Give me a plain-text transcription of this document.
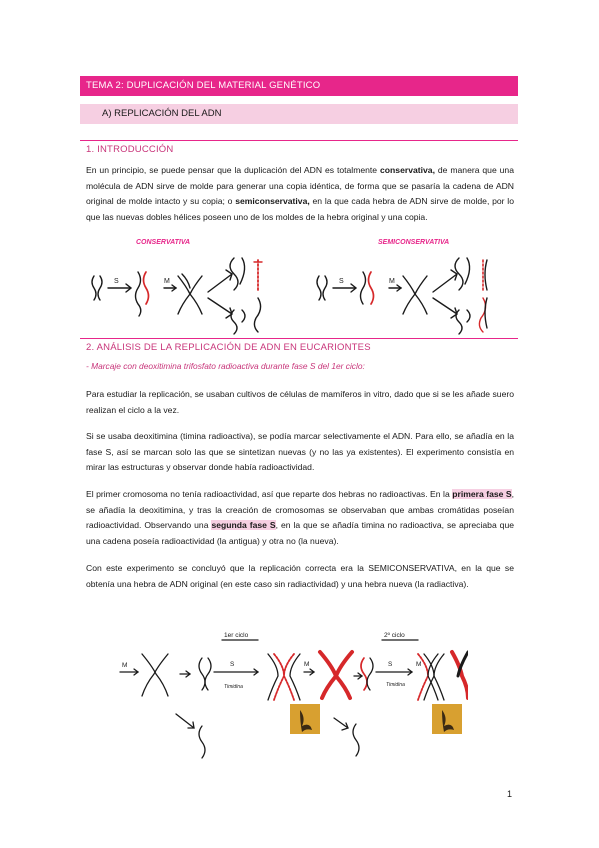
TEMA 2: DUPLICACIÓN DEL MATERIAL GENÉTICO
A) REPLICACIÓN DEL ADN
1. INTRODUCCIÓN

En un principio, se puede pensar que la duplicación del ADN es totalmente conservativa, de manera que una molécula de ADN sirve de molde para generar una copia idéntica, de forma que se pasaría la cadena de ADN original de molde intacto y su copia; o semiconservativa, en la que cada hebra de ADN sirve de molde, por lo que las nuevas dobles hélices poseen uno de los moldes de la hebra original y una copia.

CONSERVATIVA	SEMICONSERVATIVA
S	M	S	M
2. ANÁLISIS DE LA REPLICACIÓN DE ADN EN EUCARIONTES
- Marcaje con deoxitimina trifosfato radioactiva durante fase S del 1er ciclo:

Para estudiar la replicación, se usaban cultivos de células de mamíferos in vitro, dado que si se les añade suero realizan el ciclo a la vez.

Si se usaba deoxitimina (timina radioactiva), se podía marcar selectivamente el ADN. Para ello, se añadía en la fase S, así se marcan solo las que se sintetizan nuevas (y no las ya existentes). El experimento consistía en mirar las estructuras y observar donde había radioactividad.

El primer cromosoma no tenía radioactividad, así que reparte dos hebras no radioactivas. En la primera fase S, se añadía la deoxitimina, y tras la creación de cromosomas se observaban que ambas cromátidas poseían radioactividad. Observando una segunda fase S, en la que se añadía timina no radioactiva, se apreciaba que una cadena poseía radioactividad (la antigua) y otra no (la nueva).

Con este experimento se concluyó que la replicación correcta era la SEMICONSERVATIVA, en la que se obtenía una hebra de ADN original (en este caso sin radiactividad) y una hebra nueva (la radiactiva).

1er ciclo	2º ciclo
M	S	M	S	M
Timidina	Timidina
1
